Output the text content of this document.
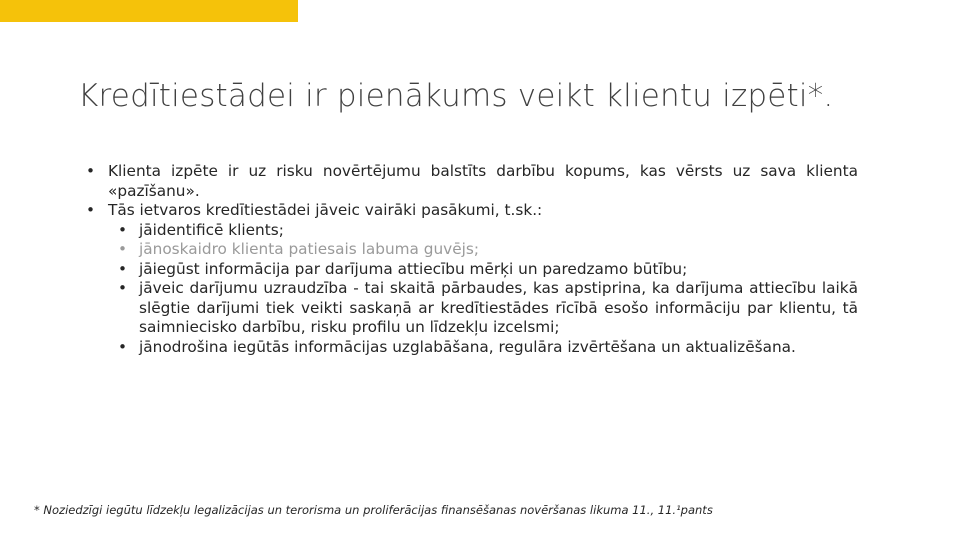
Kredītiestādei ir pienākums veikt klientu izpēti*.
• Klienta izpēte ir uz risku novērtējumu balstīts darbību kopums, kas vērsts uz sava klienta «pazīšanu».
• Tās ietvaros kredītiestādei jāveic vairāki pasākumi, t.sk.:
• jāidentificē klients;
• jānoskaidro klienta patiesais labuma guvējs;
• jāiegūst informācija par darījuma attiecību mērķi un paredzamo būtību;
• jāveic darījumu uzraudzība - tai skaitā pārbaudes, kas apstiprina, ka darījuma attiecību laikā slēgtie darījumi tiek veikti saskaņā ar kredītiestādes rīcībā esošo informāciju par klientu, tā saimniecisko darbību, risku profilu un līdzekļu izcelsmi;
• jānodrošina iegūtās informācijas uzglabāšana, regulāra izvērtēšana un aktualizēšana.
* Noziedzīgi iegūtu līdzekļu legalizācijas un terorisma un proliferācijas finansēšanas novēršanas likuma 11., 11.¹pants
